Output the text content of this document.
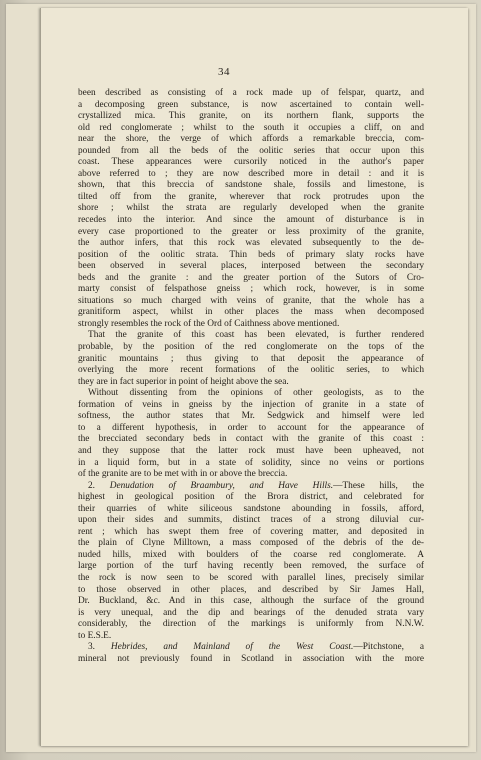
34
been described as consisting of a rock made up of felspar, quartz, and
a decomposing green substance, is now ascertained to contain well-
crystallized mica. This granite, on its northern flank, supports the
old red conglomerate ; whilst to the south it occupies a cliff, on and
near the shore, the verge of which affords a remarkable breccia, com-
pounded from all the beds of the oolitic series that occur upon this
coast. These appearances were cursorily noticed in the author's paper
above referred to ; they are now described more in detail : and it is
shown, that this breccia of sandstone shale, fossils and limestone, is
tilted off from the granite, wherever that rock protrudes upon the
shore ; whilst the strata are regularly developed when the granite
recedes into the interior. And since the amount of disturbance is in
every case proportioned to the greater or less proximity of the granite,
the author infers, that this rock was elevated subsequently to the de-
position of the oolitic strata. Thin beds of primary slaty rocks have
been observed in several places, interposed between the secondary
beds and the granite : and the greater portion of the Sutors of Cro-
marty consist of felspathose gneiss ; which rock, however, is in some
situations so much charged with veins of granite, that the whole has a
granitiform aspect, whilst in other places the mass when decomposed
strongly resembles the rock of the Ord of Caithness above mentioned.
That the granite of this coast has been elevated, is further rendered
probable, by the position of the red conglomerate on the tops of the
granitic mountains ; thus giving to that deposit the appearance of
overlying the more recent formations of the oolitic series, to which
they are in fact superior in point of height above the sea.
Without dissenting from the opinions of other geologists, as to the
formation of veins in gneiss by the injection of granite in a state of
softness, the author states that Mr. Sedgwick and himself were led
to a different hypothesis, in order to account for the appearance of
the brecciated secondary beds in contact with the granite of this coast :
and they suppose that the latter rock must have been upheaved, not
in a liquid form, but in a state of solidity, since no veins or portions
of the granite are to be met with in or above the breccia.
2. Denudation of Braambury, and Have Hills.—These hills, the
highest in geological position of the Brora district, and celebrated for
their quarries of white siliceous sandstone abounding in fossils, afford,
upon their sides and summits, distinct traces of a strong diluvial cur-
rent ; which has swept them free of covering matter, and deposited in
the plain of Clyne Milltown, a mass composed of the debris of the de-
nuded hills, mixed with boulders of the coarse red conglomerate. A
large portion of the turf having recently been removed, the surface of
the rock is now seen to be scored with parallel lines, precisely similar
to those observed in other places, and described by Sir James Hall,
Dr. Buckland, &c. And in this case, although the surface of the ground
is very unequal, and the dip and bearings of the denuded strata vary
considerably, the direction of the markings is uniformly from N.N.W.
to E.S.E.
3. Hebrides, and Mainland of the West Coast.—Pitchstone, a
mineral not previously found in Scotland in association with the more
